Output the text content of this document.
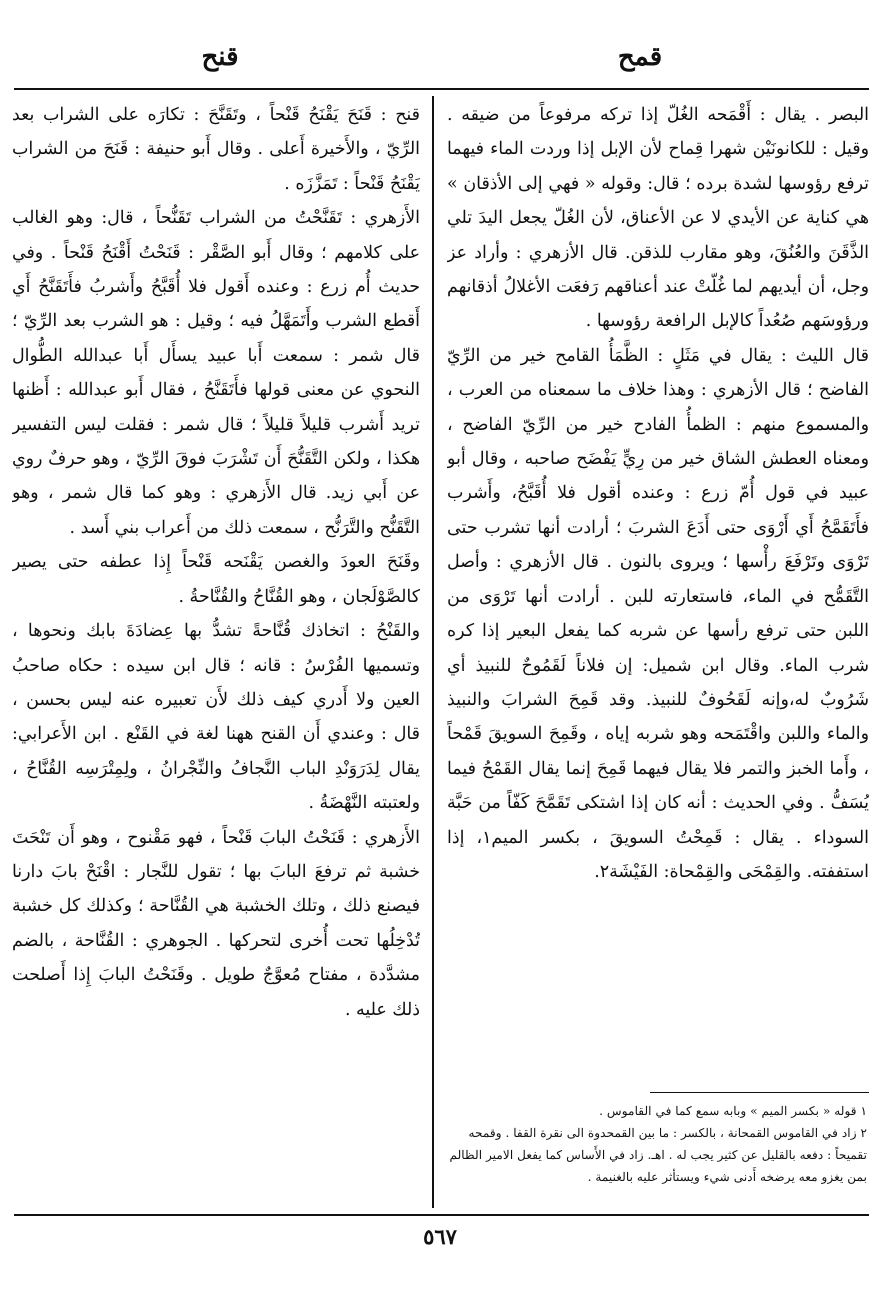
قمح
قنح

البصر . يقال : أَقْمَحه الغُلّ إذا تركه مرفوعاً من ضيقه . وقيل : للكانونَيْن شهرا قِماح لأن الإبل إذا وردت الماء فيهما ترفع رؤوسها لشدة برده ؛ قال: وقوله « فهي إلى الأذقان » هي كناية عن الأيدي لا عن الأعناق، لأن الغُلّ يجعل اليدَ تلي الذَّقَنَ والعُنُقَ، وهو مقارب للذقن. قال الأزهري : وأراد عز وجل، أن أيديهم لما غُلّتْ عند أعناقهم رَفعَت الأغلالُ أذقانهم ورؤوسَهم صُعُداً كالإبل الرافعة رؤوسها .

قال الليث : يقال في مَثَلٍ : الظَّمَأُ القامح خير من الرِّيّ الفاضح ؛ قال الأزهري : وهذا خلاف ما سمعناه من العرب ، والمسموع منهم : الظمأُ الفادح خير من الرِّيّ الفاضح ، ومعناه العطش الشاق خير من رِيٍّ يَفْضَح صاحبه ، وقال أبو عبيد في قول أُمّ زرع : وعنده أقول فلا أُقَبَّحُ، وأَشرب فأَتَقَمَّحُ أَي أَرْوَى حتى أَدَعَ الشربَ ؛ أرادت أنها تشرب حتى تَرْوَى وتَرْفَعَ رأْسها ؛ ويروى بالنون . قال الأزهري : وأصل التَّقَمُّح في الماء، فاستعارته للبن . أرادت أنها تَرْوَى من اللبن حتى ترفع رأسها عن شربه كما يفعل البعير إذا كره شرب الماء. وقال ابن شميل: إن فلاناً لَقَمُوحٌ للنبيذ أي شَرُوبٌ له،وإنه لَقَحُوفٌ للنبيذ. وقد قَمِحَ الشرابَ والنبيذ والماء واللبن واقْتَمَحه وهو شربه إياه ، وقَمِحَ السويقَ قَمْحاً ، وأَما الخبز والتمر فلا يقال فيهما قَمِحَ إنما يقال القَمْحُ فيما يُسَفُّ . وفي الحديث : أنه كان إذا اشتكى تَقَمَّحَ كَفّاً من حَبَّة السوداء . يقال : قَمِحْتُ السويقَ ، بكسر الميم١، إذا استففته. والقِمْحَى والقِمْحاة: الفَيْشَة٢.

قنح : قَنَحَ يَقْنَحُ قَنْحاً ، وتَقَنَّحَ : تكارَه على الشراب بعد الرِّيّ ، والأَخيرة أَعلى . وقال أَبو حنيفة : قَنَحَ من الشراب يَقْنَحُ قَنْحاً : تَمَزَّزَه .

الأَزهري : تَقَنَّحْتُ من الشراب تَقَنُّحاً ، قال: وهو الغالب على كلامهم ؛ وقال أَبو الصَّقْر : قَنَحْتُ أَقْنَحُ قَنْحاً . وفي حديث أُم زرع : وعنده أَقول فلا أُقَبَّحُ وأَشربُ فأَتَقَنَّحُ أَي أَقطع الشرب وأَتَمَهَّلُ فيه ؛ وقيل : هو الشرب بعد الرِّيّ ؛ قال شمر : سمعت أَبا عبيد يسأَل أَبا عبدالله الطُّوال النحوي عن معنى قولها فأَتَقَنَّحُ ، فقال أَبو عبدالله : أَظنها تريد أَشرب قليلاً قليلاً ؛ قال شمر : فقلت ليس التفسير هكذا ، ولكن التَّقَنُّحَ أَن تَشْرَبَ فوقَ الرِّيّ ، وهو حرفٌ روي عن أَبي زيد. قال الأَزهري : وهو كما قال شمر ، وهو التَّقَنُّح والتَّرَنُّح ، سمعت ذلك من أَعراب بني أَسد .

وقَنَحَ العودَ والغصن يَقْنَحه قَنْحاً إِذا عطفه حتى يصير كالصَّوْلَجان ، وهو القُنَّاحُ والقُنَّاحةُ .

والقَنْحُ : اتخاذك قُنَّاحةً تشدُّ بها عِضادَةَ بابك ونحوها ، وتسميها الفُرْسُ : قانه ؛ قال ابن سيده : حكاه صاحبُ العين ولا أَدري كيف ذلك لأَن تعبيره عنه ليس بحسن ، قال : وعندي أَن القنح ههنا لغة في القَنْع . ابن الأَعرابي: يقال لِدَرَوَنْدِ الباب النَّجافُ والنِّجْرانُ ، ولِمِتْرَسِه القُنَّاحُ ، ولعتبته النَّهْضَةُ .

الأَزهري : قَنَحْتُ البابَ قَنْحاً ، فهو مَقْنوح ، وهو أَن تَنْحَتَ خشبة ثم ترفعَ البابَ بها ؛ تقول للنَّجار : اقْنَحْ بابَ دارنا فيصنع ذلك ، وتلك الخشبة هي القُنَّاحة ؛ وكذلك كل خشبة تُدْخِلُها تحت أُخرى لتحركها . الجوهري : القُنَّاحة ، بالضم مشدَّدة ، مفتاح مُعوَّجٌ طويل . وقَنَحْتُ البابَ إِذا أَصلحت ذلك عليه .

١ قوله « بكسر الميم » وبابه سمع كما في القاموس .

٢ زاد في القاموس القمحانة ، بالكسر : ما بين القمحدوة الى نقرة القفا . وقمحه تقميحاً : دفعه بالقليل عن كثير يجب له . اهـ. زاد في الأَساس كما يفعل الامير الظالم بمن يغزو معه يرضخه أَدنى شيء ويستأثر عليه بالغنيمة .

٥٦٧
